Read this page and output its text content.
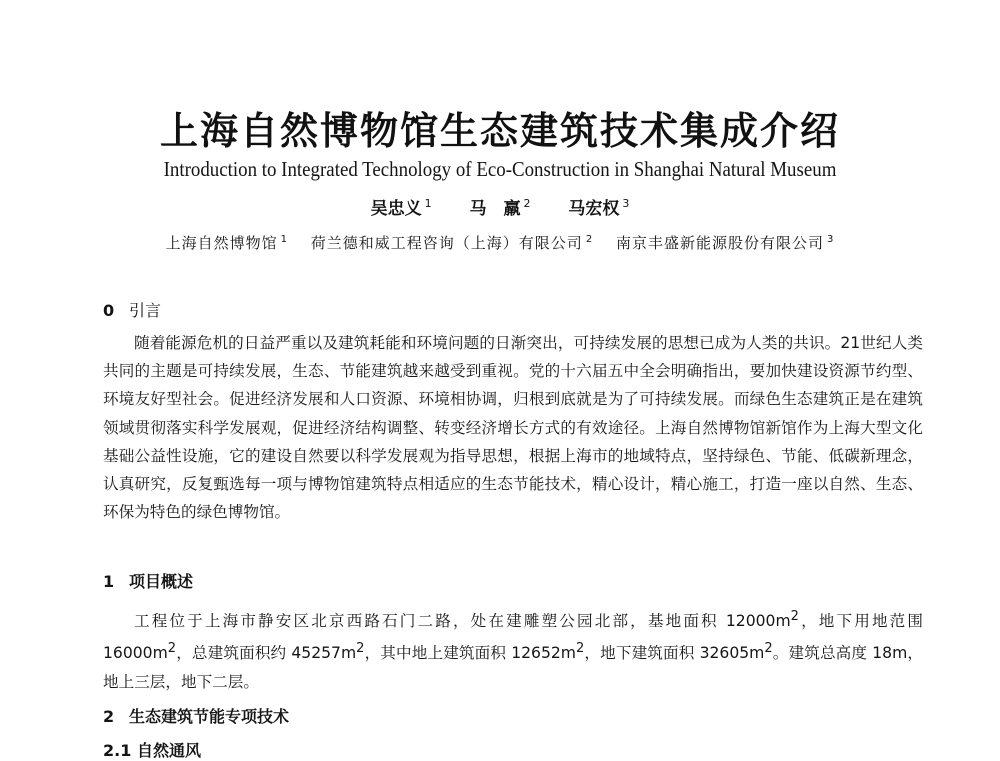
上海自然博物馆生态建筑技术集成介绍
Introduction to Integrated Technology of Eco-Construction in Shanghai Natural Museum
吴忠义 $^1$ 马　羸 $^2$ 马宏权 $^3$
上海自然博物馆 $^1$ 荷兰德和威工程咨询（上海）有限公司 $^2$ 南京丰盛新能源股份有限公司 $^3$
0 引言
随着能源危机的日益严重以及建筑耗能和环境问题的日渐突出，可持续发展的思想已成为人类的共识。21世纪人类共同的主题是可持续发展，生态、节能建筑越来越受到重视。党的十六届五中全会明确指出，要加快建设资源节约型、环境友好型社会。促进经济发展和人口资源、环境相协调，归根到底就是为了可持续发展。而绿色生态建筑正是在建筑领域贯彻落实科学发展观，促进经济结构调整、转变经济增长方式的有效途径。上海自然博物馆新馆作为上海大型文化基础公益性设施，它的建设自然要以科学发展观为指导思想，根据上海市的地域特点，坚持绿色、节能、低碳新理念，认真研究，反复甄选每一项与博物馆建筑特点相适应的生态节能技术，精心设计，精心施工，打造一座以自然、生态、环保为特色的绿色博物馆。
1 项目概述
工程位于上海市静安区北京西路石门二路，处在建雕塑公园北部，基地面积 $12000m^2$，地下用地范围 $16000m^2$，总建筑面积约 $45257m^2$，其中地上建筑面积 $12652m^2$，地下建筑面积 $32605m^2$。建筑总高度 18m，地上三层，地下二层。
2 生态建筑节能专项技术
2.1 自然通风
